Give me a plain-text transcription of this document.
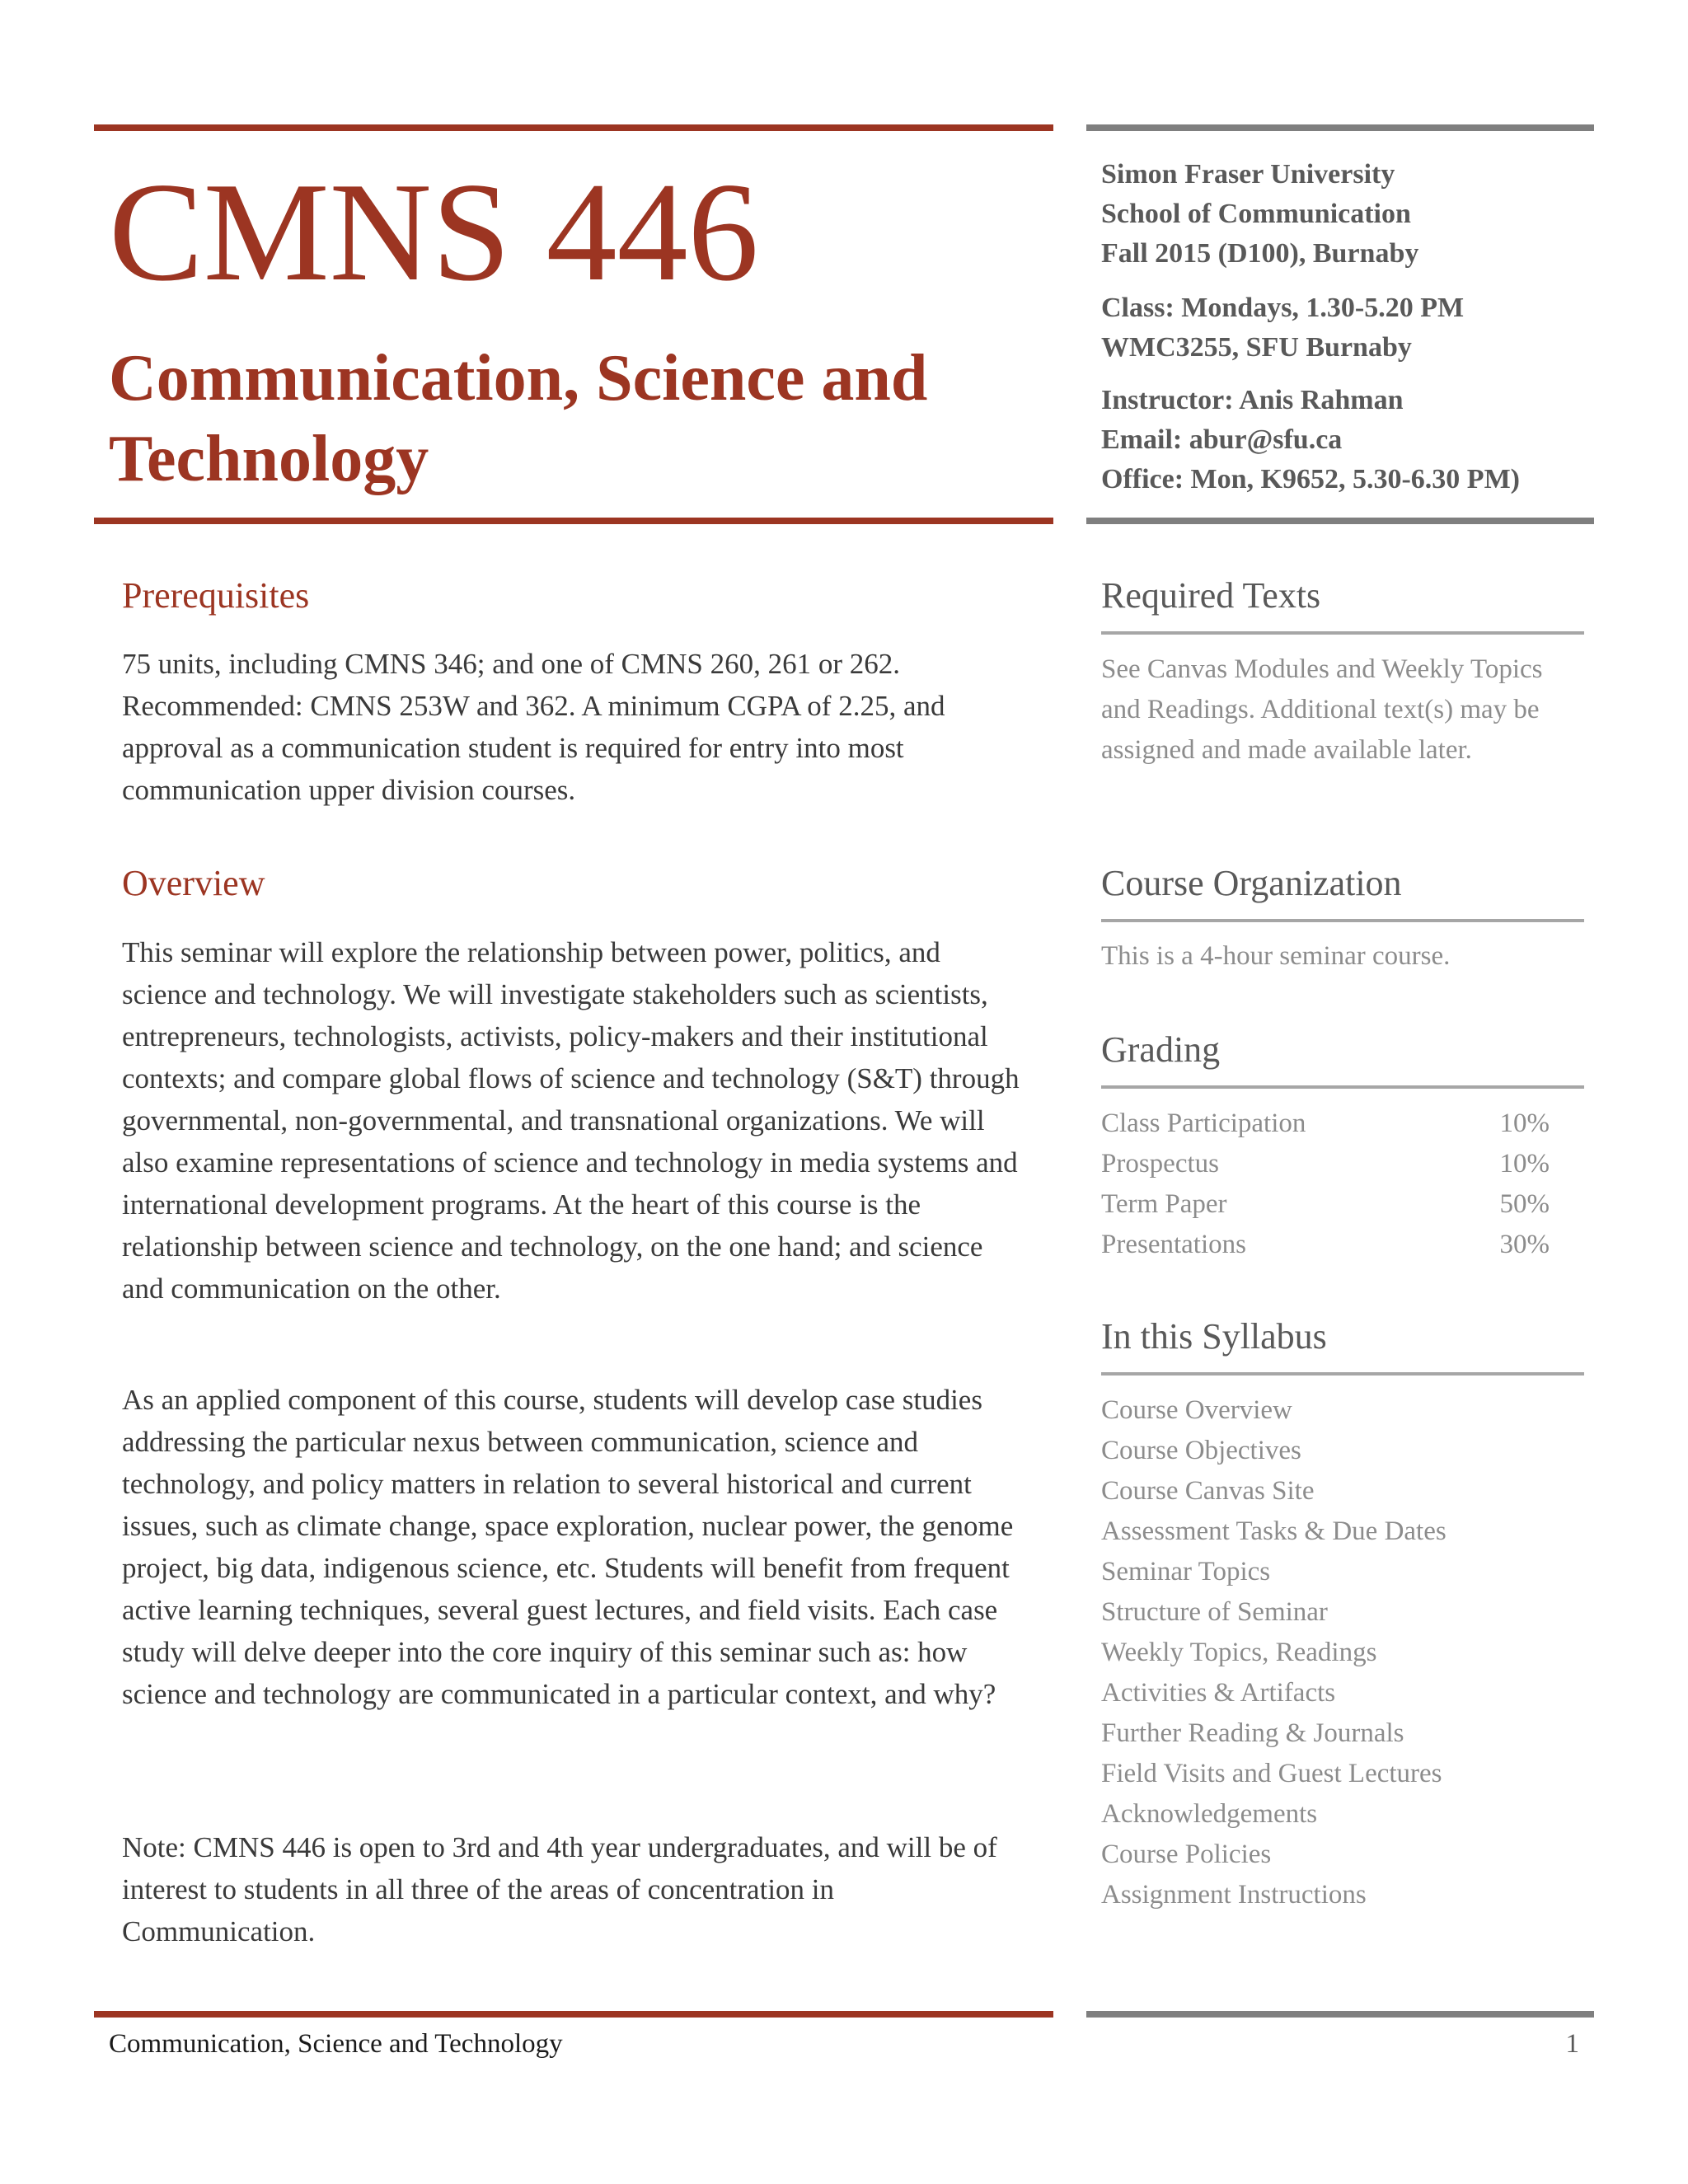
CMNS 446
Communication, Science and Technology
Simon Fraser University
School of Communication
Fall 2015 (D100), Burnaby
Class: Mondays, 1.30-5.20 PM
WMC3255, SFU Burnaby
Instructor: Anis Rahman
Email: abur@sfu.ca
Office: Mon, K9652, 5.30-6.30 PM)
Prerequisites
75 units, including CMNS 346; and one of CMNS 260, 261 or 262. Recommended: CMNS 253W and 362. A minimum CGPA of 2.25, and approval as a communication student is required for entry into most communication upper division courses.
Overview
This seminar will explore the relationship between power, politics, and science and technology. We will investigate stakeholders such as scientists, entrepreneurs, technologists, activists, policy-makers and their institutional contexts; and compare global flows of science and technology (S&T) through governmental, non-governmental, and transnational organizations. We will also examine representations of science and technology in media systems and international development programs. At the heart of this course is the relationship between science and technology, on the one hand; and science and communication on the other.
As an applied component of this course, students will develop case studies addressing the particular nexus between communication, science and technology, and policy matters in relation to several historical and current issues, such as climate change, space exploration, nuclear power, the genome project, big data, indigenous science, etc. Students will benefit from frequent active learning techniques, several guest lectures, and field visits. Each case study will delve deeper into the core inquiry of this seminar such as: how science and technology are communicated in a particular context, and why?
Note: CMNS 446 is open to 3rd and 4th year undergraduates, and will be of interest to students in all three of the areas of concentration in Communication.
Required Texts
See Canvas Modules and Weekly Topics and Readings. Additional text(s) may be assigned and made available later.
Course Organization
This is a 4-hour seminar course.
Grading
Class Participation	10%
Prospectus	10%
Term Paper	50%
Presentations	30%
In this Syllabus
Course Overview
Course Objectives
Course Canvas Site
Assessment Tasks & Due Dates
Seminar Topics
Structure of Seminar
Weekly Topics, Readings
Activities & Artifacts
Further Reading & Journals
Field Visits and Guest Lectures
Acknowledgements
Course Policies
Assignment Instructions
Communication, Science and Technology	1
